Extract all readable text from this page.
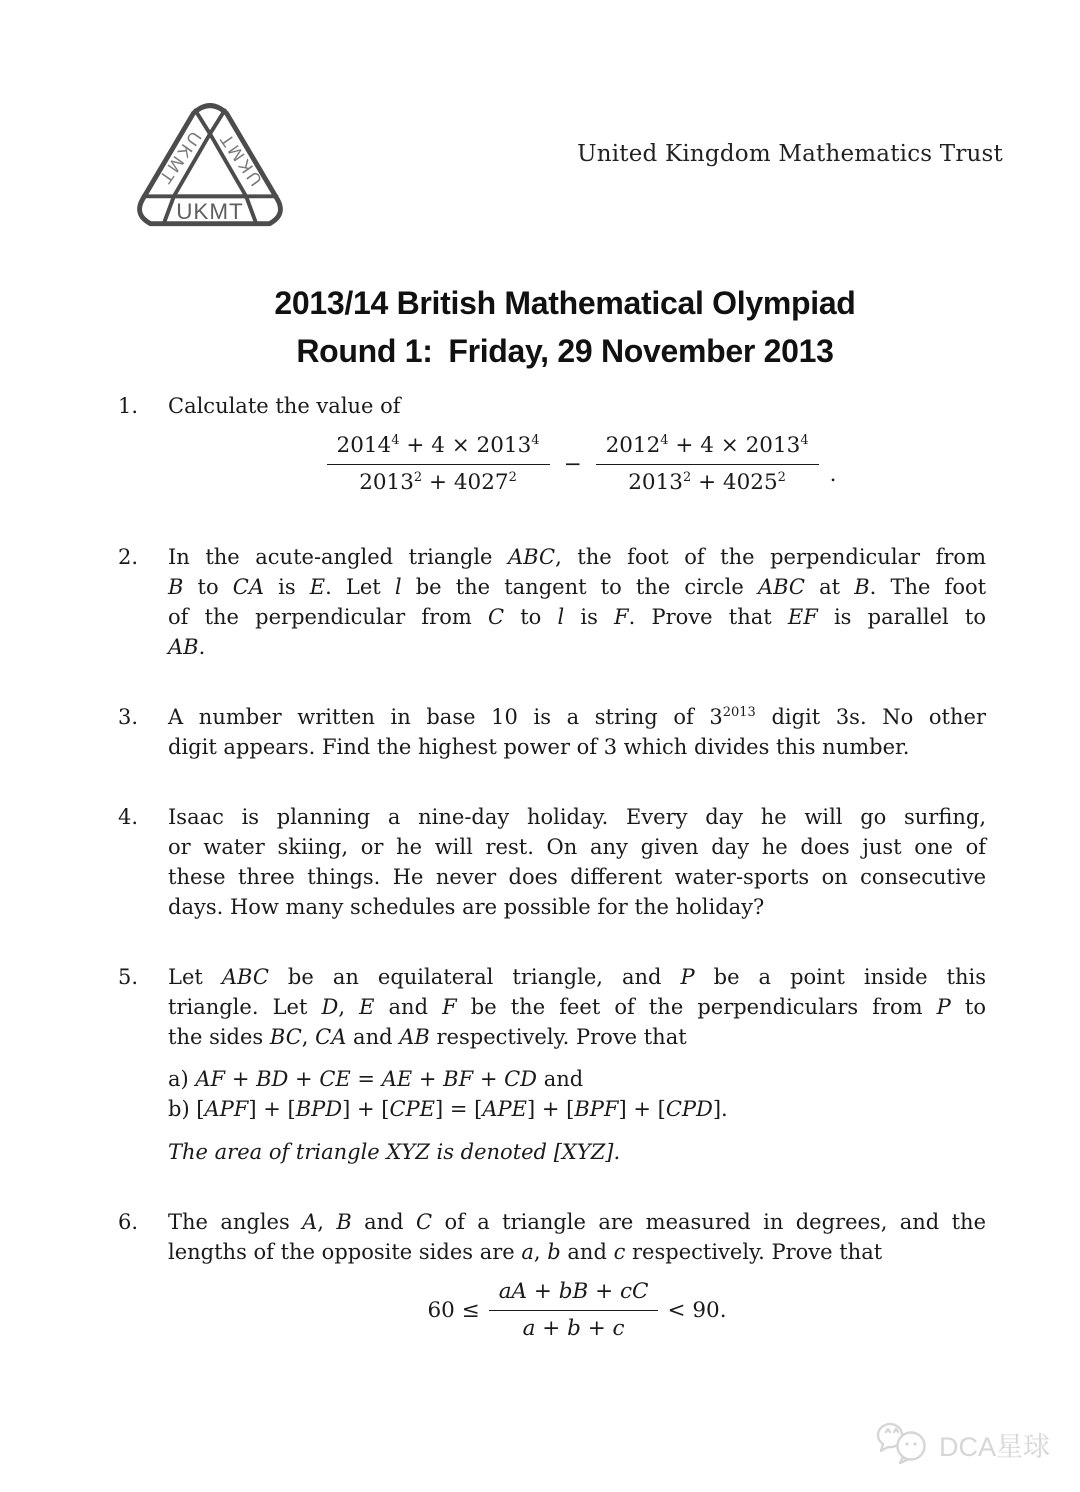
UKMT
UKMT UKMT	United Kingdom Mathematics Trust
2013/14 British Mathematical Olympiad
Round 1: Friday, 29 November 2013
1.	Calculate the value of
$\frac{2014^4 + 4 \times 2013^4}{2013^2 + 4027^2} - \frac{2012^4 + 4 \times 2013^4}{2013^2 + 4025^2}$ .
2.	In the acute-angled triangle ABC, the foot of the perpendicular from
B to CA is E. Let l be the tangent to the circle ABC at B. The foot
of the perpendicular from C to l is F. Prove that EF is parallel to
AB.
3.	A number written in base 10 is a string of $3^{2013}$ digit 3s. No other
digit appears. Find the highest power of 3 which divides this number.
4.	Isaac is planning a nine-day holiday. Every day he will go surfing,
or water skiing, or he will rest. On any given day he does just one of
these three things. He never does different water-sports on consecutive
days. How many schedules are possible for the holiday?
5.	Let ABC be an equilateral triangle, and P be a point inside this
triangle. Let D, E and F be the feet of the perpendiculars from P to
the sides BC, CA and AB respectively. Prove that
a) AF + BD + CE = AE + BF + CD and
b) [APF] + [BPD] + [CPE] = [APE] + [BPF] + [CPD].
The area of triangle XYZ is denoted [XYZ].
6.	The angles A, B and C of a triangle are measured in degrees, and the
lengths of the opposite sides are a, b and c respectively. Prove that
$60 \le \frac{aA + bB + cC}{a + b + c} < 90$.
DCA星球
